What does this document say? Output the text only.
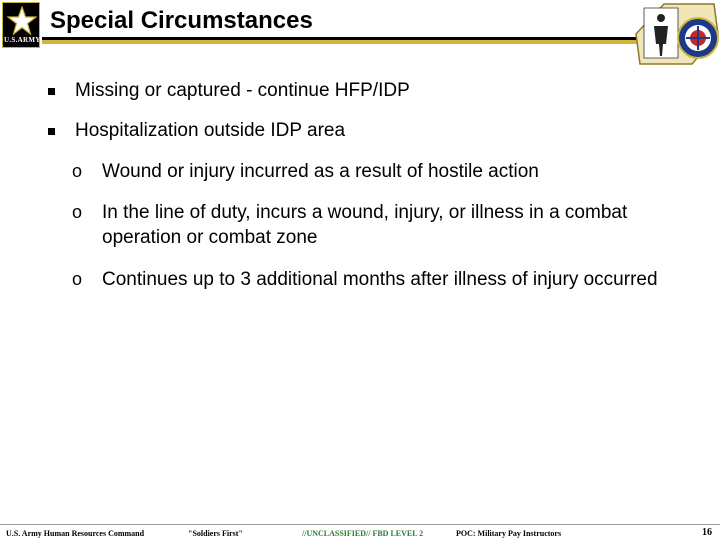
U.S.ARMY
Special Circumstances
Missing or captured - continue HFP/IDP
Hospitalization outside IDP area
o Wound or injury incurred as a result of hostile action
o In the line of duty, incurs a wound, injury, or illness in a combat operation or combat zone
o Continues up to 3 additional months after illness of injury occurred
U.S. Army Human Resources Command	"Soldiers First"	//UNCLASSIFIED// FBD LEVEL 2	POC: Military Pay Instructors	16
